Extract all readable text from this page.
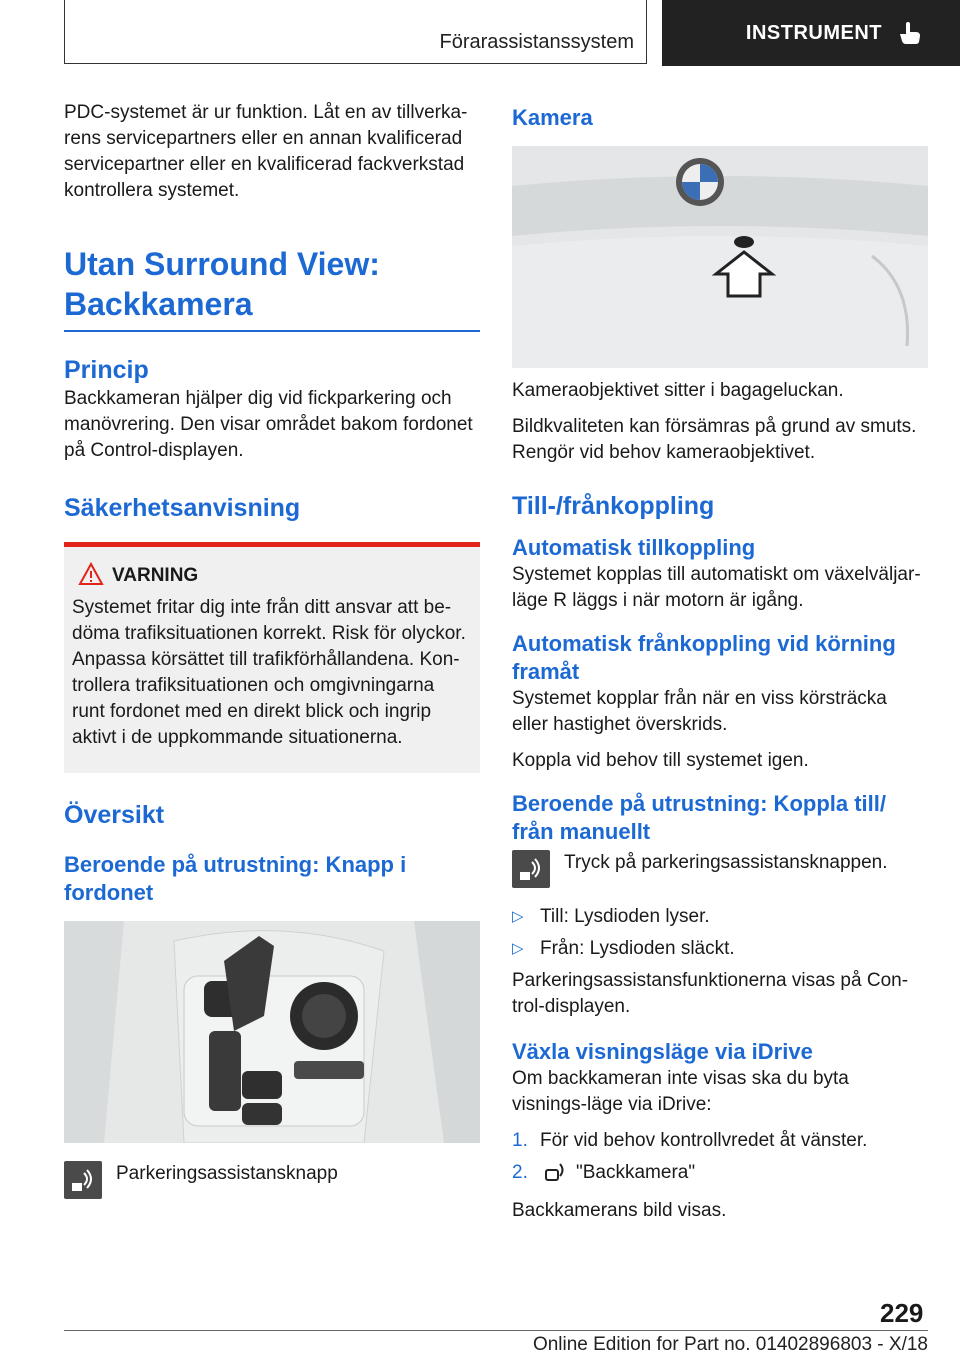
Förarassistanssystem	INSTRUMENT

PDC-systemet är ur funktion. Låt en av tillverka-rens servicepartners eller en annan kvalificerad servicepartner eller en kvalificerad fackverkstad kontrollera systemet.

Utan Surround View:
Backkamera
Princip

Backkameran hjälper dig vid fickparkering och manövrering. Den visar området bakom fordonet på Control-displayen.

Säkerhetsanvisning
VARNING
Systemet fritar dig inte från ditt ansvar att be-döma trafiksituationen korrekt. Risk för olyckor. Anpassa körsättet till trafikförhållandena. Kon-trollera trafiksituationen och omgivningarna runt fordonet med en direkt blick och ingrip aktivt i de uppkommande situationerna.
Översikt
Beroende på utrustning: Knapp i fordonet
Parkeringsassistansknapp
Kamera

Kameraobjektivet sitter i bagageluckan.

Bildkvaliteten kan försämras på grund av smuts. Rengör vid behov kameraobjektivet.

Till-/frånkoppling
Automatisk tillkoppling

Systemet kopplas till automatiskt om växelväljar-läge R läggs i när motorn är igång.

Automatisk frånkoppling vid körning framåt

Systemet kopplar från när en viss körsträcka eller hastighet överskrids.

Koppla vid behov till systemet igen.

Beroende på utrustning: Koppla till/ från manuellt
Tryck på parkeringsassistansknappen.
▷ Till: Lysdioden lyser.
▷ Från: Lysdioden släckt.

Parkeringsassistansfunktionerna visas på Con-trol-displayen.

Växla visningsläge via iDrive

Om backkameran inte visas ska du byta visnings-läge via iDrive:

1. För vid behov kontrollvredet åt vänster.
2.	"Backkamera"

Backkamerans bild visas.

229
Online Edition for Part no. 01402896803 - X/18
